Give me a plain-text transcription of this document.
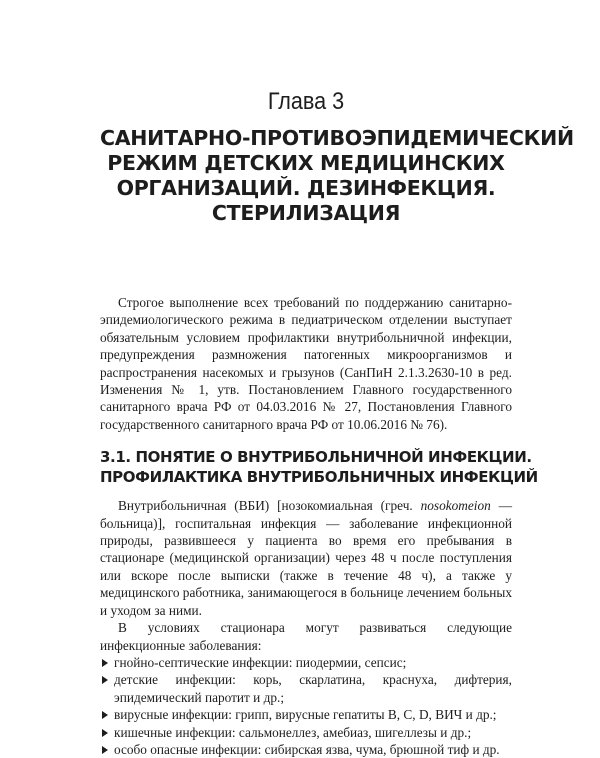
Глава 3
САНИТАРНО-ПРОТИВОЭПИДЕМИЧЕСКИЙ
РЕЖИМ ДЕТСКИХ МЕДИЦИНСКИХ
ОРГАНИЗАЦИЙ. ДЕЗИНФЕКЦИЯ.
СТЕРИЛИЗАЦИЯ

Строгое выполнение всех требований по поддержанию санитарно-эпидемиологического режима в педиатрическом отделении выступает обязательным условием профилактики внутрибольничной инфекции, предупреждения размножения патогенных микроорганизмов и распространения насекомых и грызунов (СанПиН 2.1.3.2630-10 в ред. Изменения № 1, утв. Постановлением Главного государственного санитарного врача РФ от 04.03.2016 № 27, Постановления Главного государственного санитарного врача РФ от 10.06.2016 № 76).

3.1. ПОНЯТИЕ О ВНУТРИБОЛЬНИЧНОЙ ИНФЕКЦИИ.
ПРОФИЛАКТИКА ВНУТРИБОЛЬНИЧНЫХ ИНФЕКЦИЙ

Внутрибольничная (ВБИ) [нозокомиальная (греч. nosokomeion — больница)], госпитальная инфекция — заболевание инфекционной природы, развившееся у пациента во время его пребывания в стационаре (медицинской организации) через 48 ч после поступления или вскоре после выписки (также в течение 48 ч), а также у медицинского работника, занимающегося в больнице лечением больных и уходом за ними.

В условиях стационара могут развиваться следующие инфекционные заболевания:

гнойно-септические инфекции: пиодермии, сепсис;
детские инфекции: корь, скарлатина, краснуха, дифтерия, эпидемический паротит и др.;
вирусные инфекции: грипп, вирусные гепатиты B, C, D, ВИЧ и др.;
кишечные инфекции: сальмонеллез, амебиаз, шигеллезы и др.;
особо опасные инфекции: сибирская язва, чума, брюшной тиф и др.
